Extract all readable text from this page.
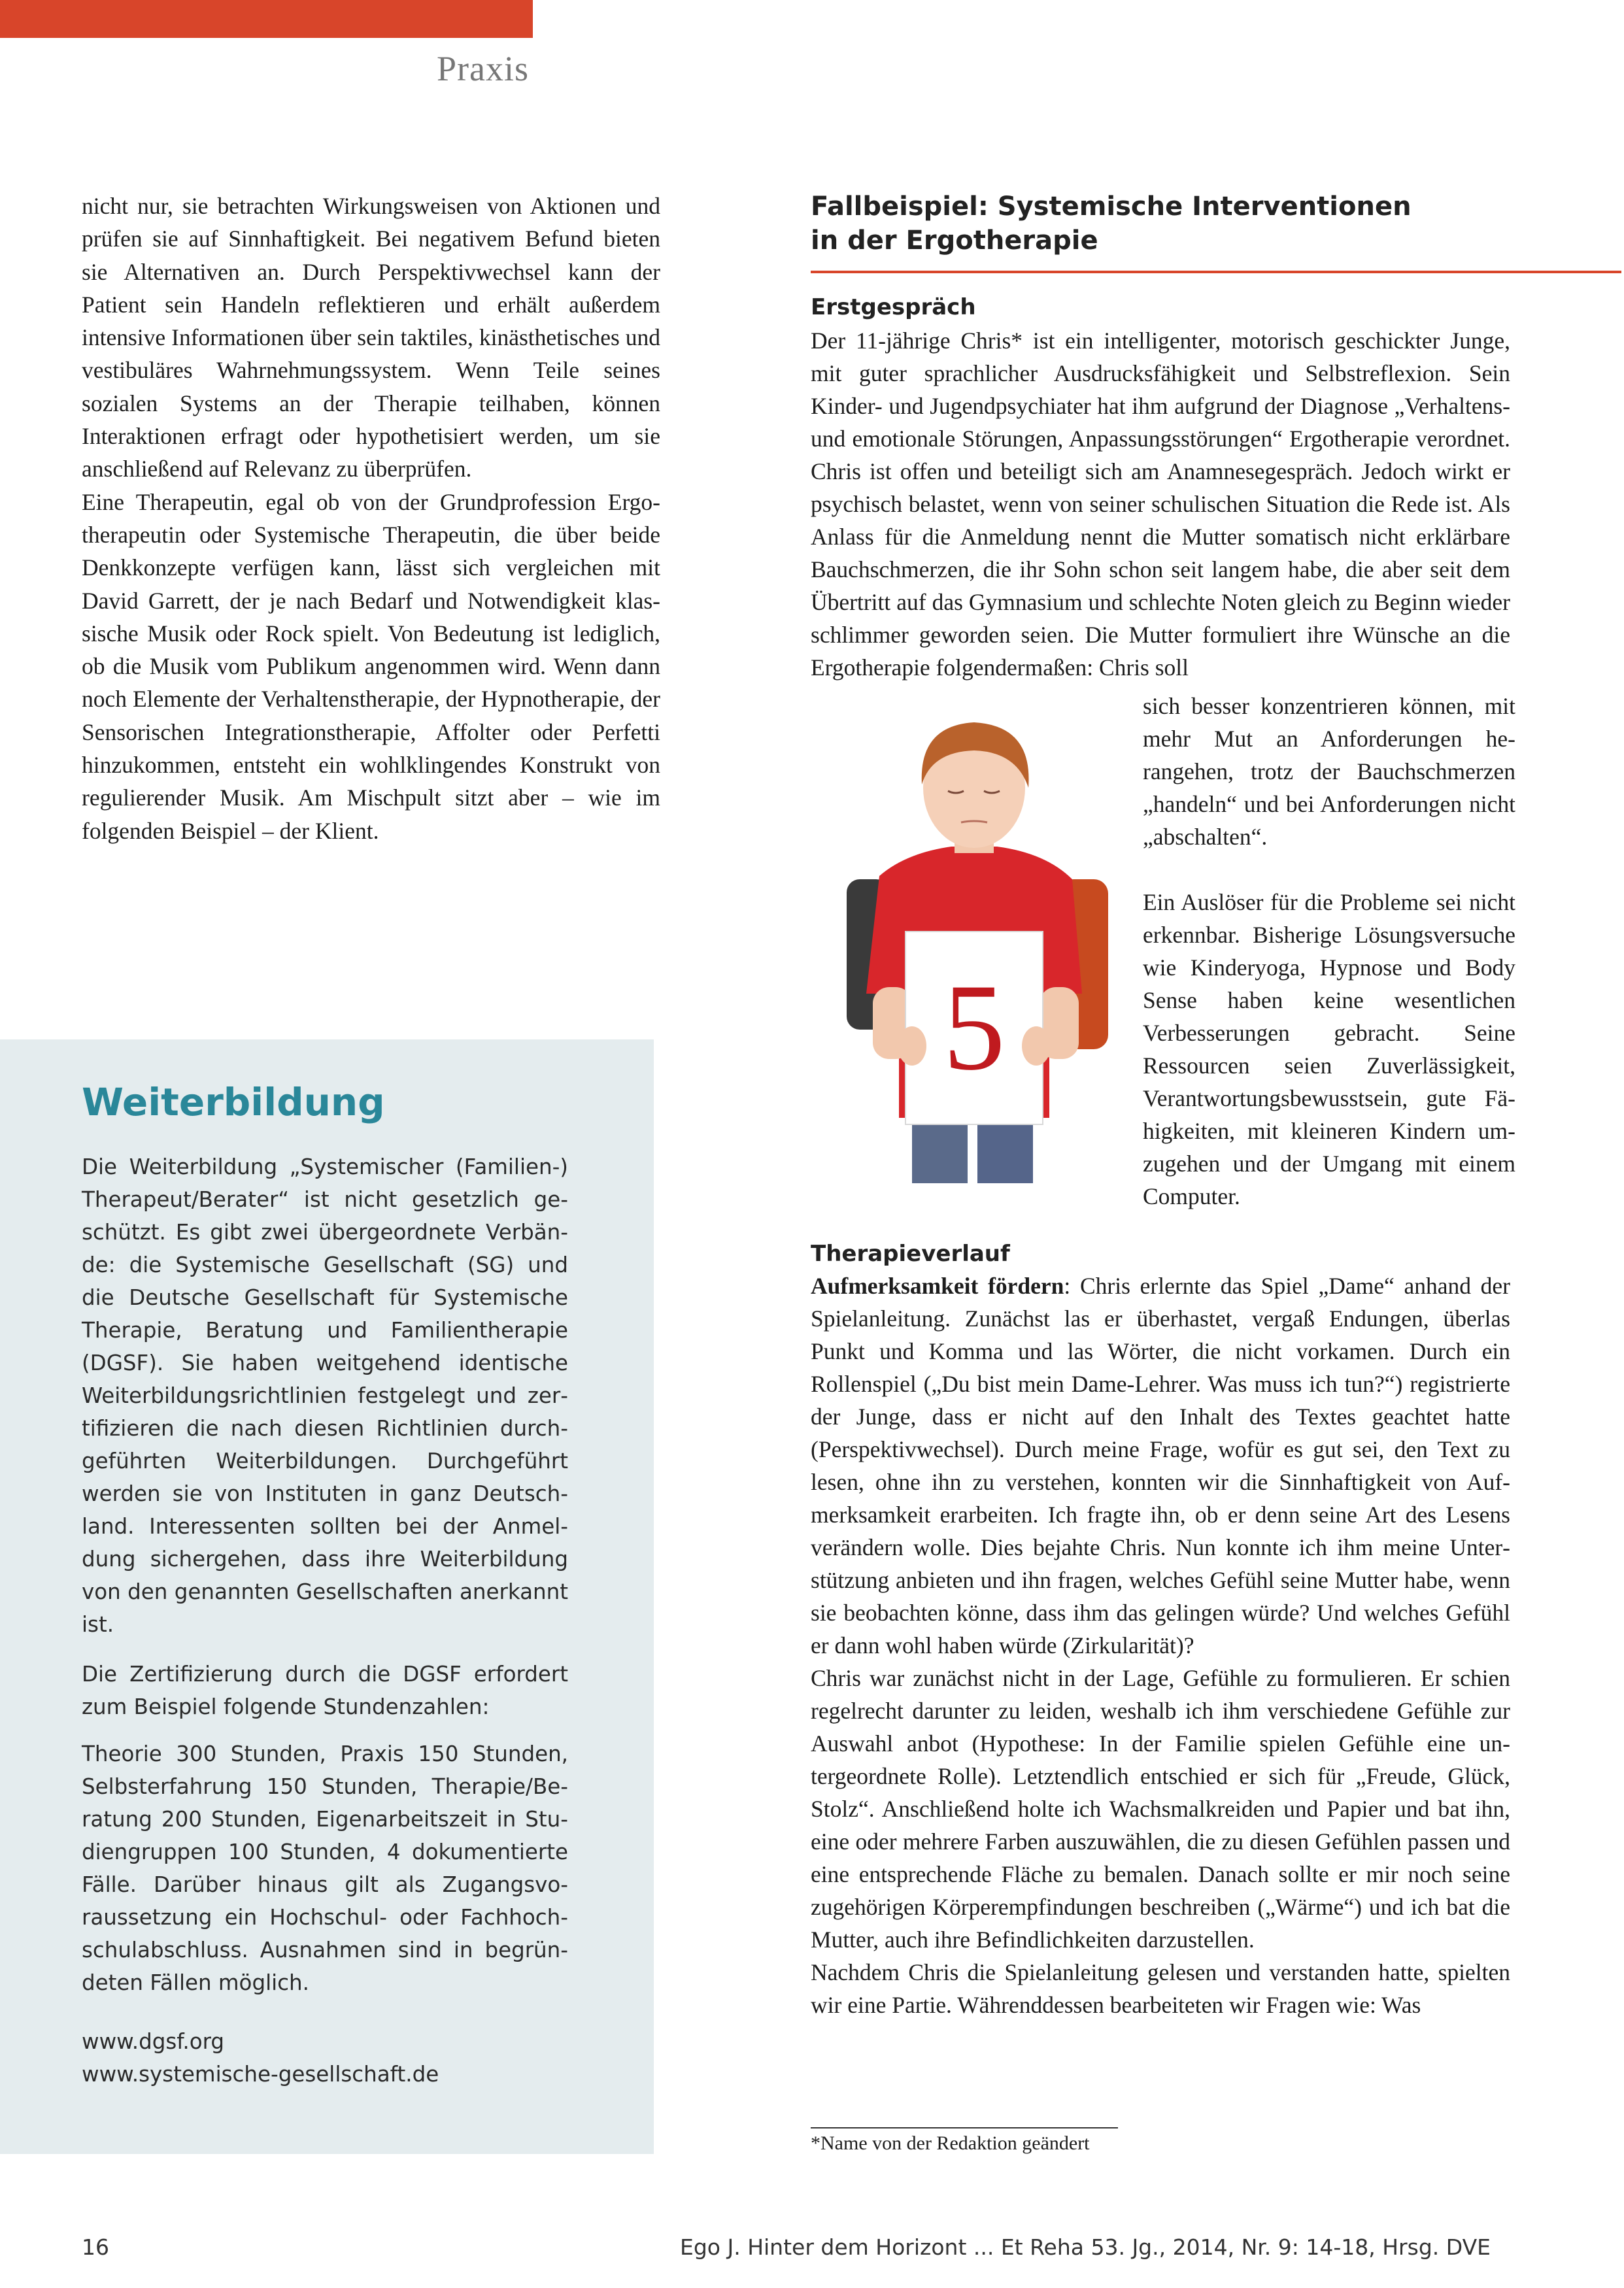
Praxis

nicht nur, sie betrachten Wirkungsweisen von Aktionen und prüfen sie auf Sinnhaftigkeit. Bei negativem Befund bieten sie Alternativen an. Durch Perspektivwechsel kann der Patient sein Handeln reflektieren und erhält außerdem intensive Informationen über sein taktiles, kinästhetisches und vestibuläres Wahrnehmungssystem. Wenn Teile seines sozialen Systems an der Therapie teilhaben, können Interaktionen erfragt oder hypothetisiert werden, um sie anschließend auf Relevanz zu überprüfen.

Eine Therapeutin, egal ob von der Grundprofession Ergotherapeutin oder Systemische Therapeutin, die über beide Denkkonzepte verfügen kann, lässt sich vergleichen mit David Garrett, der je nach Bedarf und Notwendigkeit klassische Musik oder Rock spielt. Von Bedeutung ist lediglich, ob die Musik vom Publikum angenommen wird. Wenn dann noch Elemente der Verhaltenstherapie, der Hypnotherapie, der Sensorischen Integrationstherapie, Affolter oder Perfetti hinzukommen, entsteht ein wohlklingendes Konstrukt von regulierender Musik. Am Mischpult sitzt aber – wie im folgenden Beispiel – der Klient.

Weiterbildung

Die Weiterbildung „Systemischer (Familien-) Therapeut/Berater“ ist nicht gesetzlich geschützt. Es gibt zwei übergeordnete Verbände: die Systemische Gesellschaft (SG) und die Deutsche Gesellschaft für Systemische Therapie, Beratung und Familientherapie (DGSF). Sie haben weitgehend identische Weiterbildungsrichtlinien festgelegt und zertifizieren die nach diesen Richtlinien durchgeführten Weiterbildungen. Durchgeführt werden sie von Instituten in ganz Deutschland. Interessenten sollten bei der Anmeldung sichergehen, dass ihre Weiterbildung von den genannten Gesellschaften anerkannt ist.

Die Zertifizierung durch die DGSF erfordert zum Beispiel folgende Stundenzahlen:

Theorie 300 Stunden, Praxis 150 Stunden, Selbsterfahrung 150 Stunden, Therapie/Beratung 200 Stunden, Eigenarbeitszeit in Studiengruppen 100 Stunden, 4 dokumentierte Fälle. Darüber hinaus gilt als Zugangsvoraussetzung ein Hochschul- oder Fachhochschulabschluss. Ausnahmen sind in begründeten Fällen möglich.

www.dgsf.org

www.systemische-gesellschaft.de

Fallbeispiel: Systemische Interventionen
in der Ergotherapie
Erstgespräch

Der 11-jährige Chris* ist ein intelligenter, motorisch geschickter Junge, mit guter sprachlicher Ausdrucksfähigkeit und Selbstreflexion. Sein Kinder- und Jugendpsychiater hat ihm aufgrund der Diagnose „Verhaltens- und emotionale Störungen, Anpassungsstörungen“ Ergotherapie verordnet. Chris ist offen und beteiligt sich am Anamnesegespräch. Jedoch wirkt er psychisch belastet, wenn von seiner schulischen Situation die Rede ist. Als Anlass für die Anmeldung nennt die Mutter somatisch nicht erklärbare Bauchschmerzen, die ihr Sohn schon seit langem habe, die aber seit dem Übertritt auf das Gymnasium und schlechte Noten gleich zu Beginn wieder schlimmer geworden seien. Die Mutter formuliert ihre Wünsche an die Ergotherapie folgendermaßen: Chris soll

sich besser konzentrieren können, mit mehr Mut an Anforderungen herangehen, trotz der Bauchschmerzen „handeln“ und bei Anforderungen nicht „abschalten“.

Ein Auslöser für die Probleme sei nicht erkennbar. Bisherige Lösungsversuche wie Kinderyoga, Hypnose und Body Sense haben keine wesentlichen Verbesserungen gebracht. Seine Ressourcen seien Zuverlässigkeit, Verantwortungsbewusstsein, gute Fähigkeiten, mit kleineren Kindern umzugehen und der Umgang mit einem Computer.

5
Therapieverlauf

Aufmerksamkeit fördern: Chris erlernte das Spiel „Dame“ anhand der Spielanleitung. Zunächst las er überhastet, vergaß Endungen, überlas Punkt und Komma und las Wörter, die nicht vorkamen. Durch ein Rollenspiel („Du bist mein Dame-Lehrer. Was muss ich tun?“) registrierte der Junge, dass er nicht auf den Inhalt des Textes geachtet hatte (Perspektivwechsel). Durch meine Frage, wofür es gut sei, den Text zu lesen, ohne ihn zu verstehen, konnten wir die Sinnhaftigkeit von Aufmerksamkeit erarbeiten. Ich fragte ihn, ob er denn seine Art des Lesens verändern wolle. Dies bejahte Chris. Nun konnte ich ihm meine Unterstützung anbieten und ihn fragen, welches Gefühl seine Mutter habe, wenn sie beobachten könne, dass ihm das gelingen würde? Und welches Gefühl er dann wohl haben würde (Zirkularität)?

Chris war zunächst nicht in der Lage, Gefühle zu formulieren. Er schien regelrecht darunter zu leiden, weshalb ich ihm verschiedene Gefühle zur Auswahl anbot (Hypothese: In der Familie spielen Gefühle eine untergeordnete Rolle). Letztendlich entschied er sich für „Freude, Glück, Stolz“. Anschließend holte ich Wachsmalkreiden und Papier und bat ihn, eine oder mehrere Farben auszuwählen, die zu diesen Gefühlen passen und eine entsprechende Fläche zu bemalen. Danach sollte er mir noch seine zugehörigen Körperempfindungen beschreiben („Wärme“) und ich bat die Mutter, auch ihre Befindlichkeiten darzustellen.

Nachdem Chris die Spielanleitung gelesen und verstanden hatte, spielten wir eine Partie. Währenddessen bearbeiteten wir Fragen wie: Was

*Name von der Redaktion geändert
16	Ego J. Hinter dem Horizont ... Et Reha 53. Jg., 2014, Nr. 9: 14-18, Hrsg. DVE
